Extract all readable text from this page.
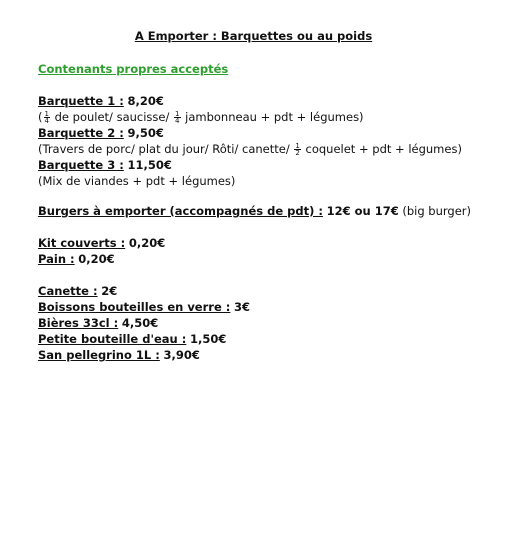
A Emporter : Barquettes ou au poids
Contenants propres acceptés
Barquette 1 : 8,20€
( $\frac{1}{4}$ de poulet/ saucisse/ $\frac{1}{4}$ jambonneau + pdt + légumes)
Barquette 2 : 9,50€
(Travers de porc/ plat du jour/ Rôti/ canette/ $\frac{1}{2}$ coquelet + pdt + légumes)
Barquette 3 : 11,50€
(Mix de viandes + pdt + légumes)
Burgers à emporter (accompagnés de pdt) : 12€ ou 17€ (big burger)
Kit couverts : 0,20€
Pain : 0,20€
Canette : 2€
Boissons bouteilles en verre : 3€
Bières 33cl : 4,50€
Petite bouteille d'eau : 1,50€
San pellegrino 1L : 3,90€
